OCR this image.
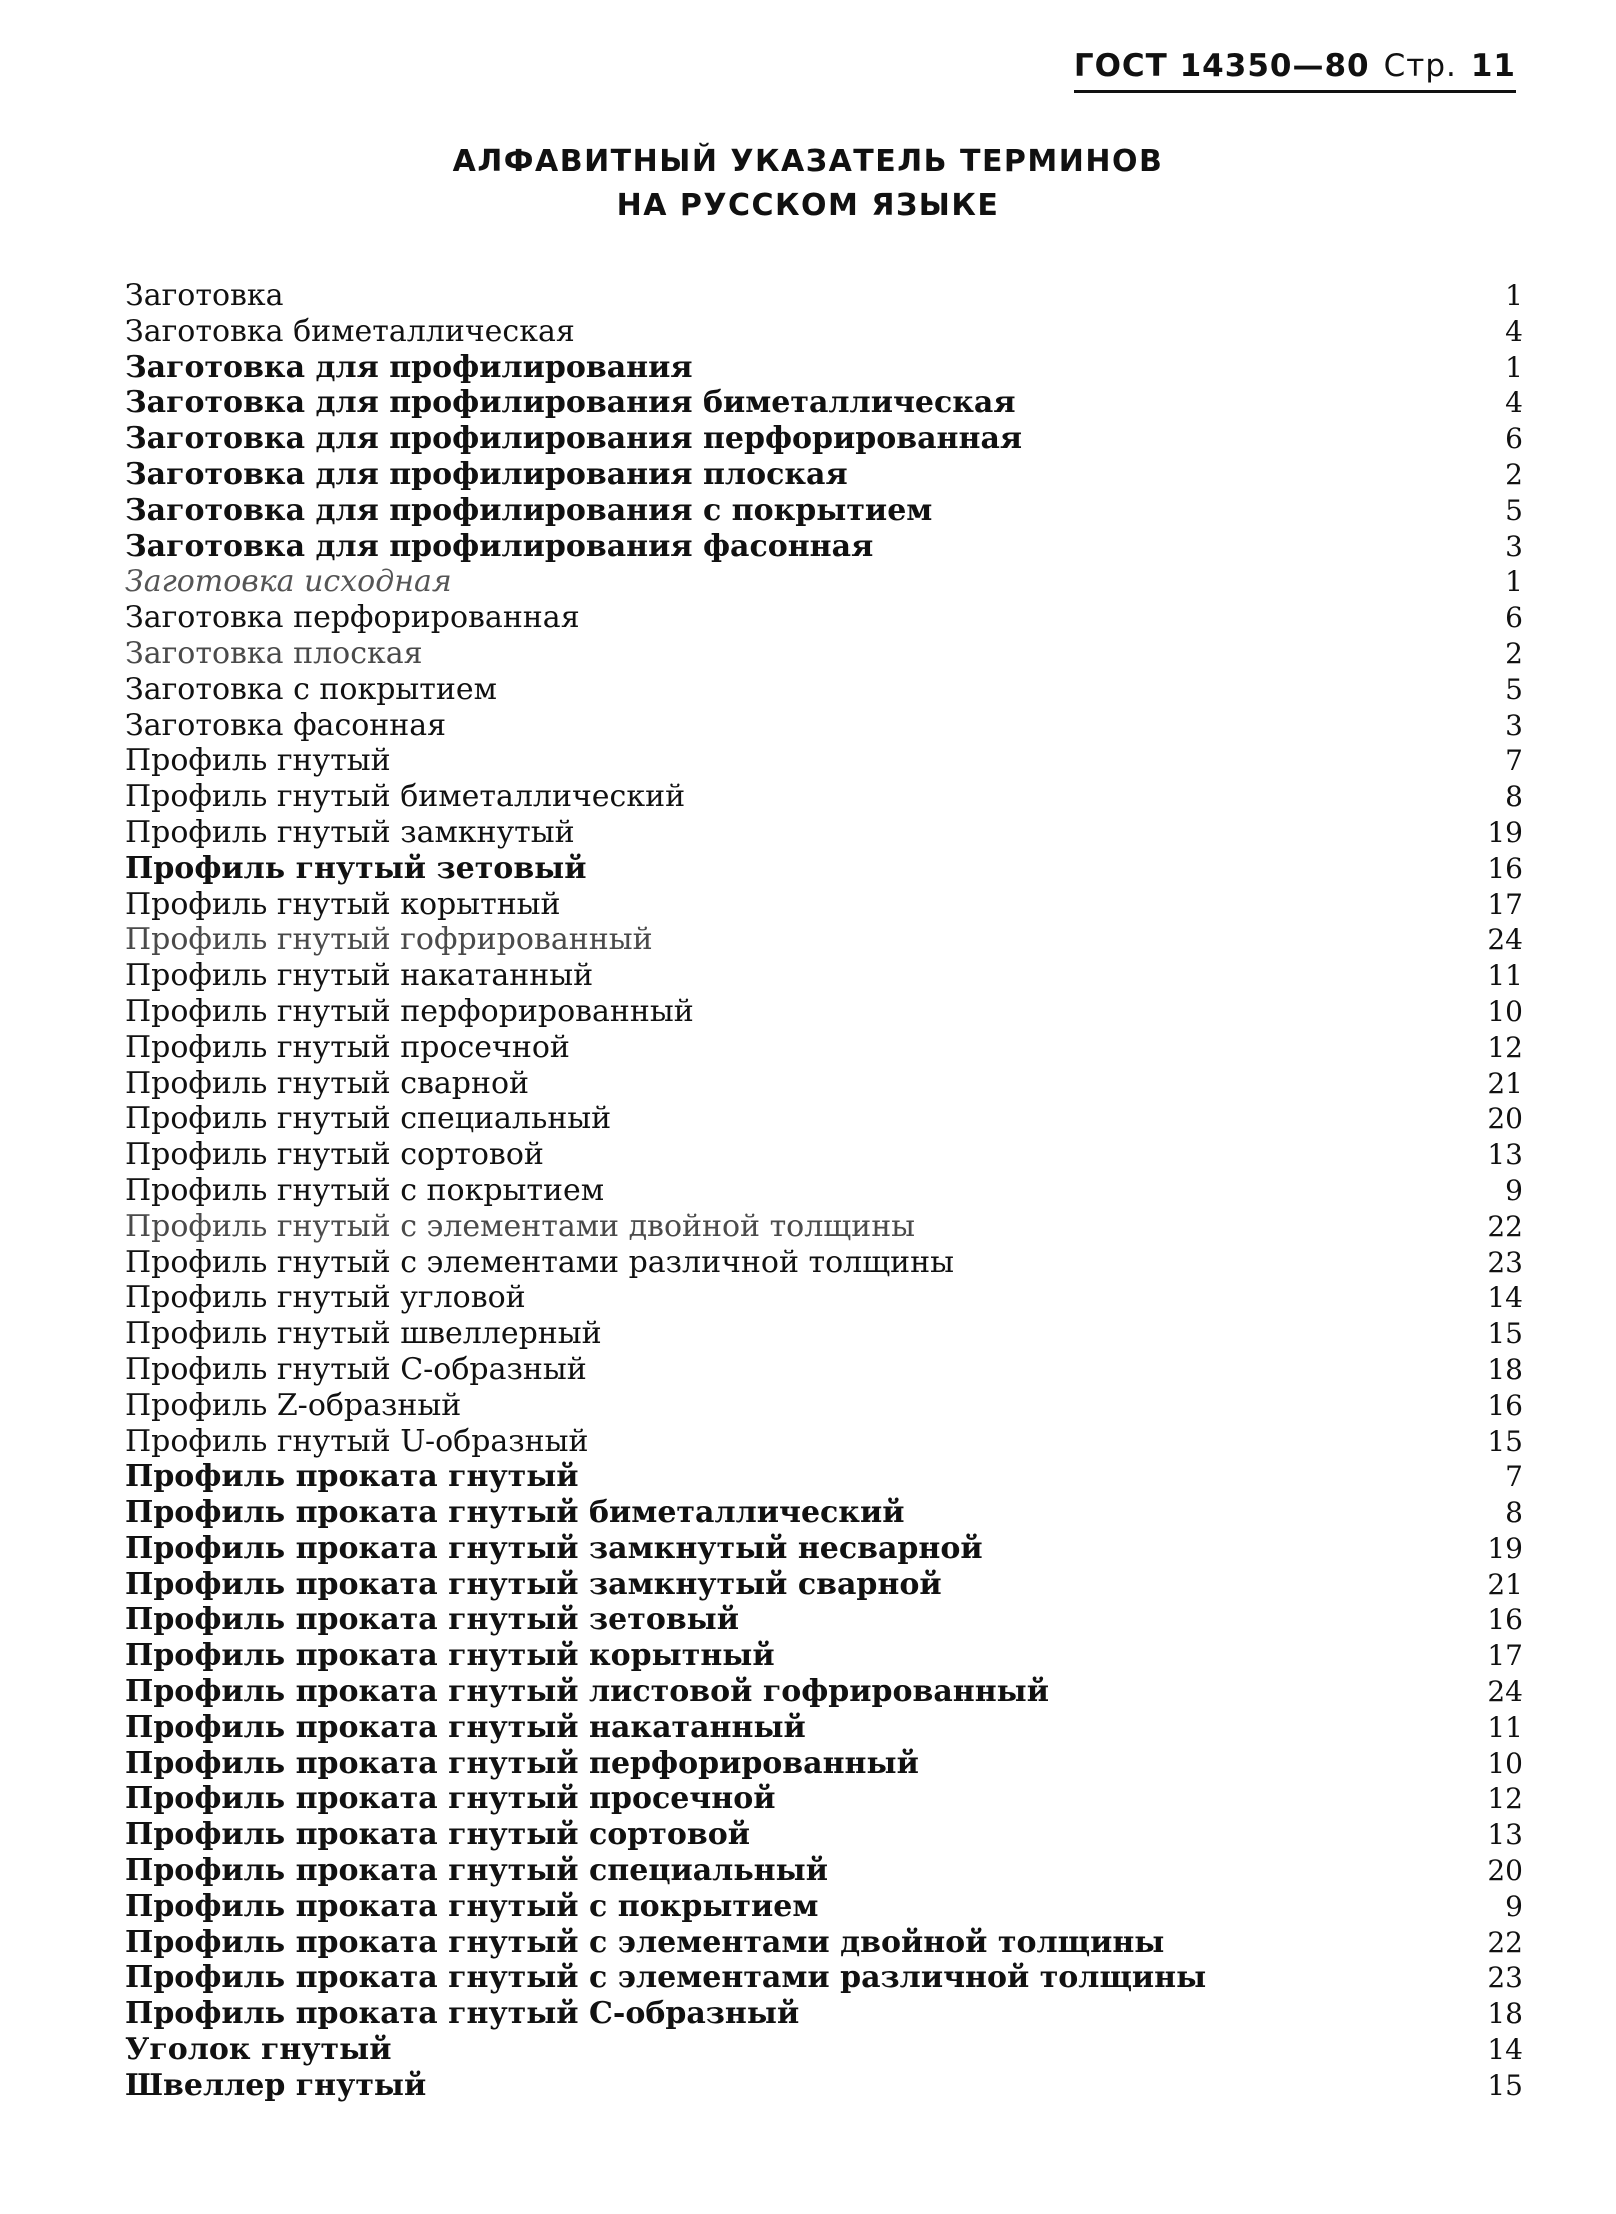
ГОСТ 14350—80 Стр. 11
АЛФАВИТНЫЙ УКАЗАТЕЛЬ ТЕРМИНОВ
НА РУССКОМ ЯЗЫКЕ
Заготовка	1
Заготовка биметаллическая	4
Заготовка для профилирования	1
Заготовка для профилирования биметаллическая	4
Заготовка для профилирования перфорированная	6
Заготовка для профилирования плоская	2
Заготовка для профилирования с покрытием	5
Заготовка для профилирования фасонная	3
Заготовка исходная	1
Заготовка перфорированная	6
Заготовка плоская	2
Заготовка с покрытием	5
Заготовка фасонная	3
Профиль гнутый	7
Профиль гнутый биметаллический	8
Профиль гнутый замкнутый	19
Профиль гнутый зетовый	16
Профиль гнутый корытный	17
Профиль гнутый гофрированный	24
Профиль гнутый накатанный	11
Профиль гнутый перфорированный	10
Профиль гнутый просечной	12
Профиль гнутый сварной	21
Профиль гнутый специальный	20
Профиль гнутый сортовой	13
Профиль гнутый с покрытием	9
Профиль гнутый с элементами двойной толщины	22
Профиль гнутый с элементами различной толщины	23
Профиль гнутый угловой	14
Профиль гнутый швеллерный	15
Профиль гнутый С-образный	18
Профиль Z-образный	16
Профиль гнутый U-образный	15
Профиль проката гнутый	7
Профиль проката гнутый биметаллический	8
Профиль проката гнутый замкнутый несварной	19
Профиль проката гнутый замкнутый сварной	21
Профиль проката гнутый зетовый	16
Профиль проката гнутый корытный	17
Профиль проката гнутый листовой гофрированный	24
Профиль проката гнутый накатанный	11
Профиль проката гнутый перфорированный	10
Профиль проката гнутый просечной	12
Профиль проката гнутый сортовой	13
Профиль проката гнутый специальный	20
Профиль проката гнутый с покрытием	9
Профиль проката гнутый с элементами двойной толщины	22
Профиль проката гнутый с элементами различной толщины	23
Профиль проката гнутый С-образный	18
Уголок гнутый	14
Швеллер гнутый	15
